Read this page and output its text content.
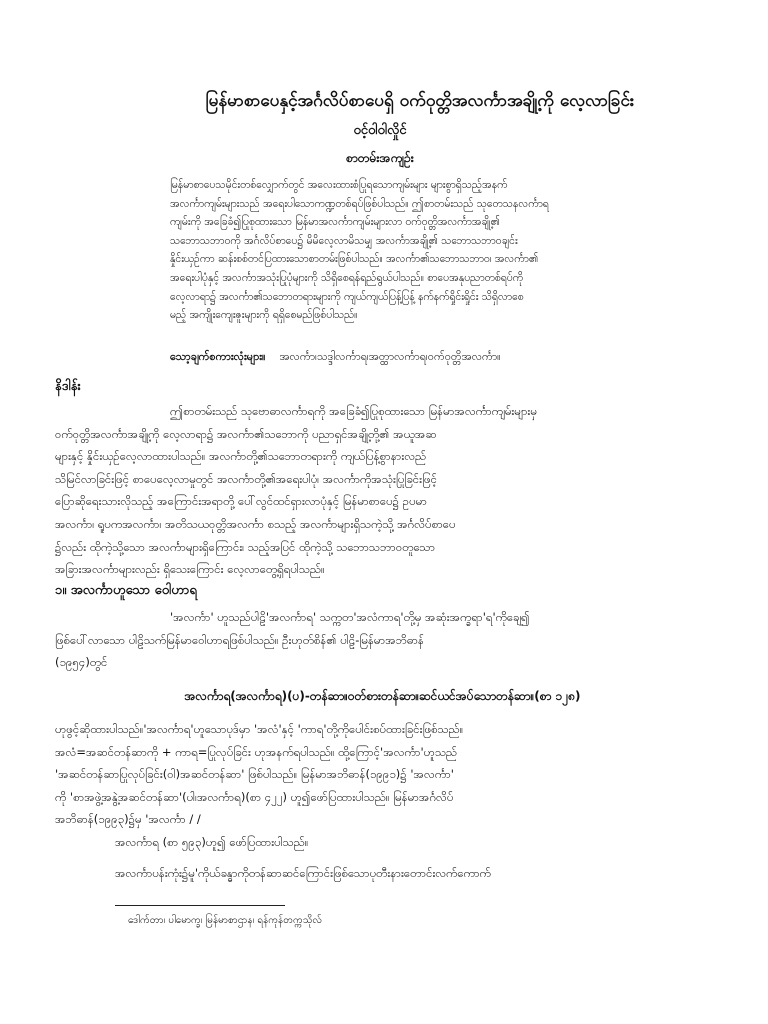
မြန်မာစာပေနှင့်အင်္ဂလိပ်စာပေရှိ ဝက်ဝုတ္တိအလင်္ကာအချို့ကို လေ့လာခြင်း
ဝင့်ဝါဝါလှိုင်
စာတမ်းအကျဉ်း
မြန်မာစာပေသမိုင်းတစ်လျှောက်တွင် အလေးထားစံပြုရသောကျမ်းများ များစွာရှိသည့်အနက်
အလင်္ကာကျမ်းများသည် အရေးပါသောကဏ္ဍတစ်ရပ်ဖြစ်ပါသည်။ ဤစာတမ်းသည် သုတေသနလင်္ကာရ
ကျမ်းကို အခြေခံ၍ပြုစုထားသော မြန်မာအလင်္ကာကျမ်းများလာ ဝက်ဝုတ္တိအလင်္ကာအချို့၏
သဘောသဘာဝကို အင်္ဂလိပ်စာပေ၌ မိမိလေ့လာမိသမျှ အလင်္ကာအချို့၏ သဘောသဘာဝချင်း
နှိုင်းယှဉ်ကာ ဆန်းစစ်တင်ပြထားသောစာတမ်းဖြစ်ပါသည်။ အလင်္ကာ၏သဘောသဘာဝ၊ အလင်္ကာ၏
အရေးပါပုံနှင့် အလင်္ကာအသုံးပြုပုံများကို သိရှိစေရန်ရည်ရွယ်ပါသည်။ စာပေအနုပညာတစ်ရပ်ကို
လေ့လာရာ၌ အလင်္ကာ၏သဘောတရားများကို ကျယ်ကျယ်ပြန့်ပြန့် နက်နက်ရှိုင်းရှိုင်း သိရှိလာစေ
မည့် အကျိုးကျေးဇူးများကို ရရှိစေမည်ဖြစ်ပါသည်။
သော့ချက်စကားလုံးများ။ အလင်္ကာ၊သဒ္ဒါလင်္ကာရ၊အတ္ထာလင်္ကာရ၊ဝက်ဝုတ္တိအလင်္ကာ။
နိဒါန်း
ဤစာတမ်းသည် သုဗောဓာလင်္ကာရကို အခြေခံ၍ပြုစုထားသော မြန်မာအလင်္ကာကျမ်းများမှ
ဝက်ဝုတ္တိအလင်္ကာအချို့ကို လေ့လာရာ၌ အလင်္ကာ၏သဘောကို ပညာရှင်အချို့တို့၏ အယူအဆ
များနှင့် နှိုင်းယှဉ်လေ့လာထားပါသည်။ အလင်္ကာတို့၏သဘောတရားကို ကျယ်ပြန့်စွာနားလည်
သိမြင်လာခြင်းဖြင့် စာပေလေ့လာမှုတွင် အလင်္ကာတို့၏အရေးပါပုံ၊ အလင်္ကာကိုအသုံးပြုခြင်းဖြင့်
ပြောဆိုရေးသားလိုသည့် အကြောင်းအရာတို့ ပေါ်လွင်ထင်ရှားလာပုံနှင့် မြန်မာစာပေ၌ ဥပမာ
အလင်္ကာ၊ ရူပကအလင်္ကာ၊ အတိသယဝုတ္တိအလင်္ကာ စသည့် အလင်္ကာများရှိသကဲ့သို့ အင်္ဂလိပ်စာပေ
၌လည်း ထိုကဲ့သို့သော အလင်္ကာများရှိကြောင်း၊ သည့်အပြင် ထိုကဲ့သို့ သဘောသဘာဝတူသော
အခြားအလင်္ကာများလည်း ရှိသေးကြောင်း လေ့လာတွေ့ရှိရပါသည်။
၁။ အလင်္ကာဟူသော ဝေါဟာရ
'အလင်္ကာ' ဟူသည်ပါဠိ'အလင်္ကာရ' သက္ကတ'အလံကာရ'တို့မှ အဆုံးအက္ခရာ'ရ'ကိုချေ၍
ဖြစ်ပေါ်လာသော ပါဠိသက်မြန်မာဝေါဟာရဖြစ်ပါသည်။ ဦးဟုတ်စိန်၏ ပါဠိ-မြန်မာအဘိဓာန်
(၁၉၅၄)တွင်
အလင်္ကာရ(အလင်္ကာရ)(ပ)-တန်ဆာ။ဝတ်စားတန်ဆာ။ဆင်ယင်အပ်သောတန်ဆာ။(စာ ၁၂၈)
ဟုဖွင့်ဆိုထားပါသည်။'အလင်္ကာရ'ဟူသောပုဒ်မှာ 'အလံ'နှင့် 'ကာရ'တို့ကိုပေါင်းစပ်ထားခြင်းဖြစ်သည်။
အလံ=အဆင်တန်ဆာကို + ကာရ=ပြုလုပ်ခြင်း ဟုအနက်ရပါသည်။ ထို့ကြောင့်'အလင်္ကာ'ဟူသည်
'အဆင်တန်ဆာပြုလုပ်ခြင်း(ဝါ)အဆင်တန်ဆာ' ဖြစ်ပါသည်။ မြန်မာအဘိဓာန်(၁၉၉၁)၌ 'အလင်္ကာ'
ကို 'စာအဖွဲ့အနွဲ့အဆင်တန်ဆာ'(ပါ၊အလင်္ကာရ)(စာ ၄၂၂) ဟူ၍ဖော်ပြထားပါသည်။ မြန်မာအင်္ဂလိပ်
အဘိဓာန်(၁၉၉၃)၌မှ 'အလင်္ကာ / /
အလင်္ကာရ (စာ ၅၉၃)ဟူ၍ ဖော်ပြထားပါသည်။
အလင်္ကာပန်းကုံး၌မူ'ကိုယ်ခန္ဓာကိုတန်ဆာဆင်ကြောင်းဖြစ်သောပုတီးနားတောင်းလက်ကောက်
ဒေါက်တာ၊ ပါမောက္ခ၊ မြန်မာစာဌာန၊ ရန်ကုန်တက္ကသိုလ်
